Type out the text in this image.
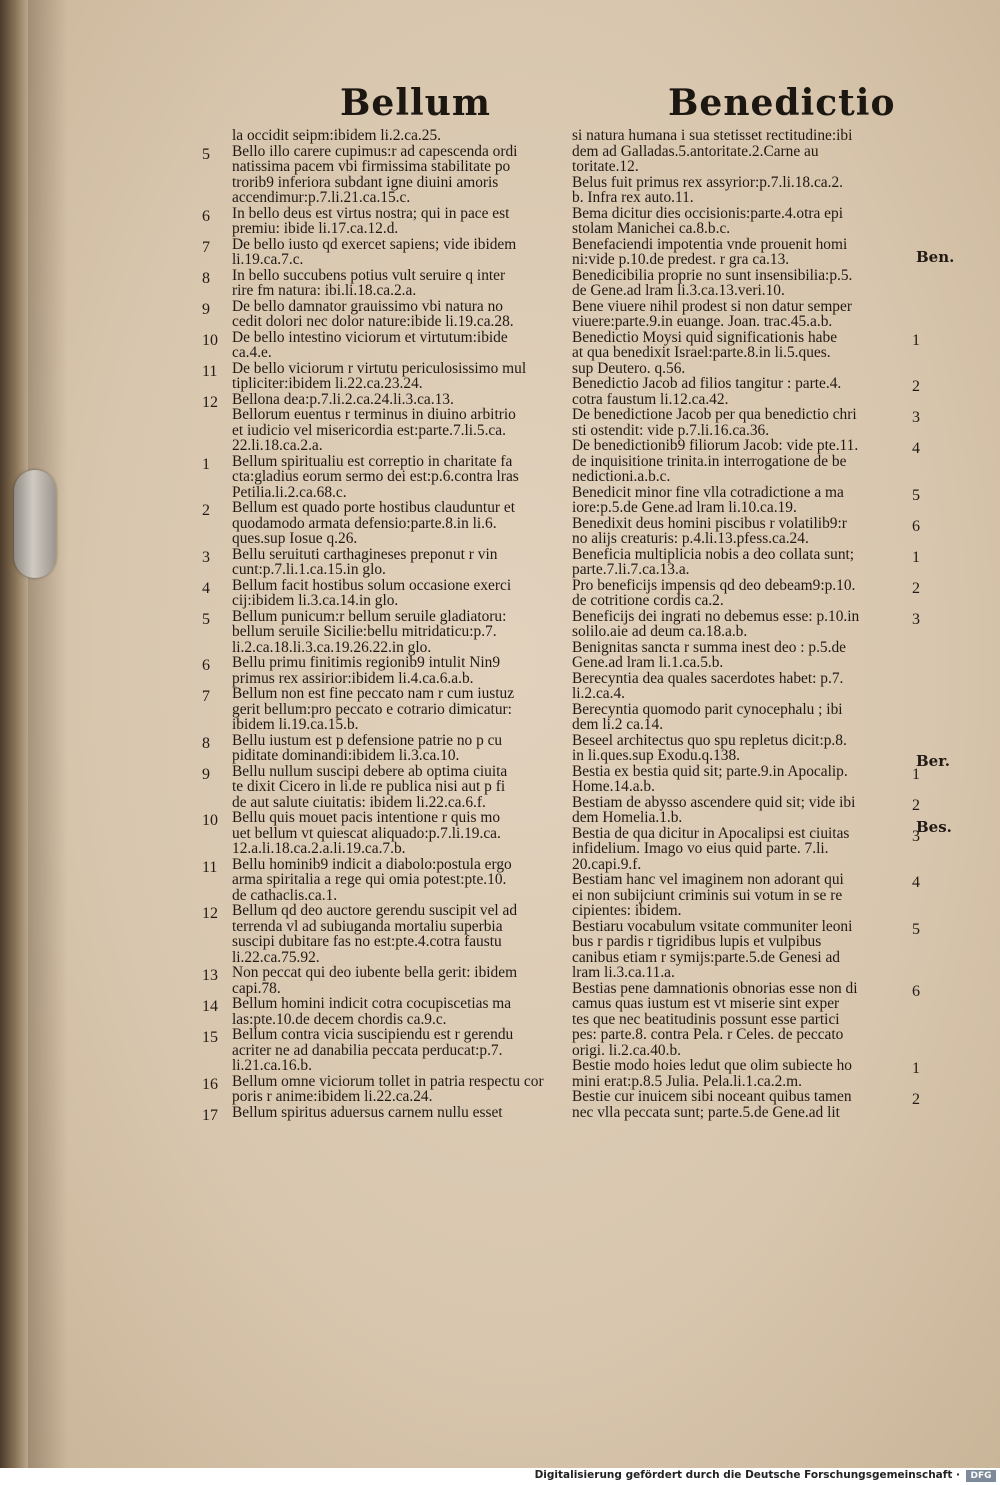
Bellum	Benedictio
la occidit seipm:ibidem li.2.ca.25.
5 Bello illo carere cupimus:r ad capescenda ordi
natissima pacem vbi firmissima stabilitate po
trorib9 inferiora subdant igne diuini amoris
accendimur:p.7.li.21.ca.15.c.
6 In bello deus est virtus nostra; qui in pace est
premiu: ibide li.17.ca.12.d.
7 De bello iusto qd exercet sapiens; vide ibidem
li.19.ca.7.c.
8 In bello succubens potius vult seruire q inter
rire fm natura: ibi.li.18.ca.2.a.
9 De bello damnator grauissimo vbi natura no
cedit dolori nec dolor nature:ibide li.19.ca.28.
10 De bello intestino viciorum et virtutum:ibide
ca.4.e.
11 De bello viciorum r virtutu periculosissimo mul
tipliciter:ibidem li.22.ca.23.24.
12 Bellona dea:p.7.li.2.ca.24.li.3.ca.13.
Bellorum euentus r terminus in diuino arbitrio
et iudicio vel misericordia est:parte.7.li.5.ca.
22.li.18.ca.2.a.
1 Bellum spiritualiu est correptio in charitate fa
cta:gladius eorum sermo dei est:p.6.contra lras
Petilia.li.2.ca.68.c.
2 Bellum est quado porte hostibus clauduntur et
quodamodo armata defensio:parte.8.in li.6.
ques.sup Iosue q.26.
3 Bellu seruituti carthagineses preponut r vin
cunt:p.7.li.1.ca.15.in glo.
4 Bellum facit hostibus solum occasione exerci
cij:ibidem li.3.ca.14.in glo.
5 Bellum punicum:r bellum seruile gladiatoru:
bellum seruile Sicilie:bellu mitridaticu:p.7.
li.2.ca.18.li.3.ca.19.26.22.in glo.
6 Bellu primu finitimis regionib9 intulit Nin9
primus rex assirior:ibidem li.4.ca.6.a.b.
7 Bellum non est fine peccato nam r cum iustuz
gerit bellum:pro peccato e cotrario dimicatur:
ibidem li.19.ca.15.b.
8 Bellu iustum est p defensione patrie no p cu
piditate dominandi:ibidem li.3.ca.10.
9 Bellu nullum suscipi debere ab optima ciuita
te dixit Cicero in li.de re publica nisi aut p fi
de aut salute ciuitatis: ibidem li.22.ca.6.f.
10 Bellu quis mouet pacis intentione r quis mo
uet bellum vt quiescat aliquado:p.7.li.19.ca.
12.a.li.18.ca.2.a.li.19.ca.7.b.
11 Bellu hominib9 indicit a diabolo:postula ergo
arma spiritalia a rege qui omia potest:pte.10.
de cathaclis.ca.1.
12 Bellum qd deo auctore gerendu suscipit vel ad
terrenda vl ad subiuganda mortaliu superbia
suscipi dubitare fas no est:pte.4.cotra faustu
li.22.ca.75.92.
13 Non peccat qui deo iubente bella gerit: ibidem
capi.78.
14 Bellum homini indicit cotra cocupiscetias ma
las:pte.10.de decem chordis ca.9.c.
15 Bellum contra vicia suscipiendu est r gerendu
acriter ne ad danabilia peccata perducat:p.7.
li.21.ca.16.b.
16 Bellum omne viciorum tollet in patria respectu cor
poris r anime:ibidem li.22.ca.24.
17 Bellum spiritus aduersus carnem nullu esset
si natura humana i sua stetisset rectitudine:ibi
dem ad Galladas.5.antoritate.2.Carne au
toritate.12.
Belus fuit primus rex assyrior:p.7.li.18.ca.2.
b. Infra rex auto.11.
Bema dicitur dies occisionis:parte.4.otra epi
stolam Manichei ca.8.b.c.
Benefaciendi impotentia vnde prouenit homi
ni:vide p.10.de predest. r gra ca.13.
Benedicibilia proprie no sunt insensibilia:p.5.
de Gene.ad lram li.3.ca.13.veri.10.
Bene viuere nihil prodest si non datur semper
viuere:parte.9.in euange. Joan. trac.45.a.b.
1
Benedictio Moysi quid significationis habe
at qua benedixit Israel:parte.8.in li.5.ques.
sup Deutero. q.56.
2
Benedictio Jacob ad filios tangitur : parte.4.
cotra faustum li.12.ca.42.
3
De benedictione Jacob per qua benedictio chri
sti ostendit: vide p.7.li.16.ca.36.
4
De benedictionib9 filiorum Jacob: vide pte.11.
de inquisitione trinita.in interrogatione de be
nedictioni.a.b.c.
5
Benedicit minor fine vlla cotradictione a ma
iore:p.5.de Gene.ad lram li.10.ca.19.
6
Benedixit deus homini piscibus r volatilib9:r
no alijs creaturis: p.4.li.13.pfess.ca.24.
1
Beneficia multiplicia nobis a deo collata sunt;
parte.7.li.7.ca.13.a.
2
Pro beneficijs impensis qd deo debeam9:p.10.
de cotritione cordis ca.2.
3
Beneficijs dei ingrati no debemus esse: p.10.in
solilo.aie ad deum ca.18.a.b.
Benignitas sancta r summa inest deo : p.5.de
Gene.ad lram li.1.ca.5.b.
Berecyntia dea quales sacerdotes habet: p.7.
li.2.ca.4.
Berecyntia quomodo parit cynocephalu ; ibi
dem li.2 ca.14.
Beseel architectus quo spu repletus dicit:p.8.
in li.ques.sup Exodu.q.138.
1
Bestia ex bestia quid sit; parte.9.in Apocalip.
Home.14.a.b.
2
Bestiam de abysso ascendere quid sit; vide ibi
dem Homelia.1.b.
3
Bestia de qua dicitur in Apocalipsi est ciuitas
infidelium. Imago vo eius quid parte. 7.li.
20.capi.9.f.
4
Bestiam hanc vel imaginem non adorant qui
ei non subijciunt criminis sui votum in se re
cipientes: ibidem.
5
Bestiaru vocabulum vsitate communiter leoni
bus r pardis r tigridibus lupis et vulpibus
canibus etiam r symijs:parte.5.de Genesi ad
lram li.3.ca.11.a.
6
Bestias pene damnationis obnorias esse non di
camus quas iustum est vt miserie sint exper
tes que nec beatitudinis possunt esse partici
pes: parte.8. contra Pela. r Celes. de peccato
origi. li.2.ca.40.b.
1
Bestie modo hoies ledut que olim subiecte ho
mini erat:p.8.5 Julia. Pela.li.1.ca.2.m.
2
Bestie cur inuicem sibi noceant quibus tamen
nec vlla peccata sunt; parte.5.de Gene.ad lit
Ben.
Ber.
Bes.
Digitalisierung gefördert durch die Deutsche Forschungsgemeinschaft ·	DFG
